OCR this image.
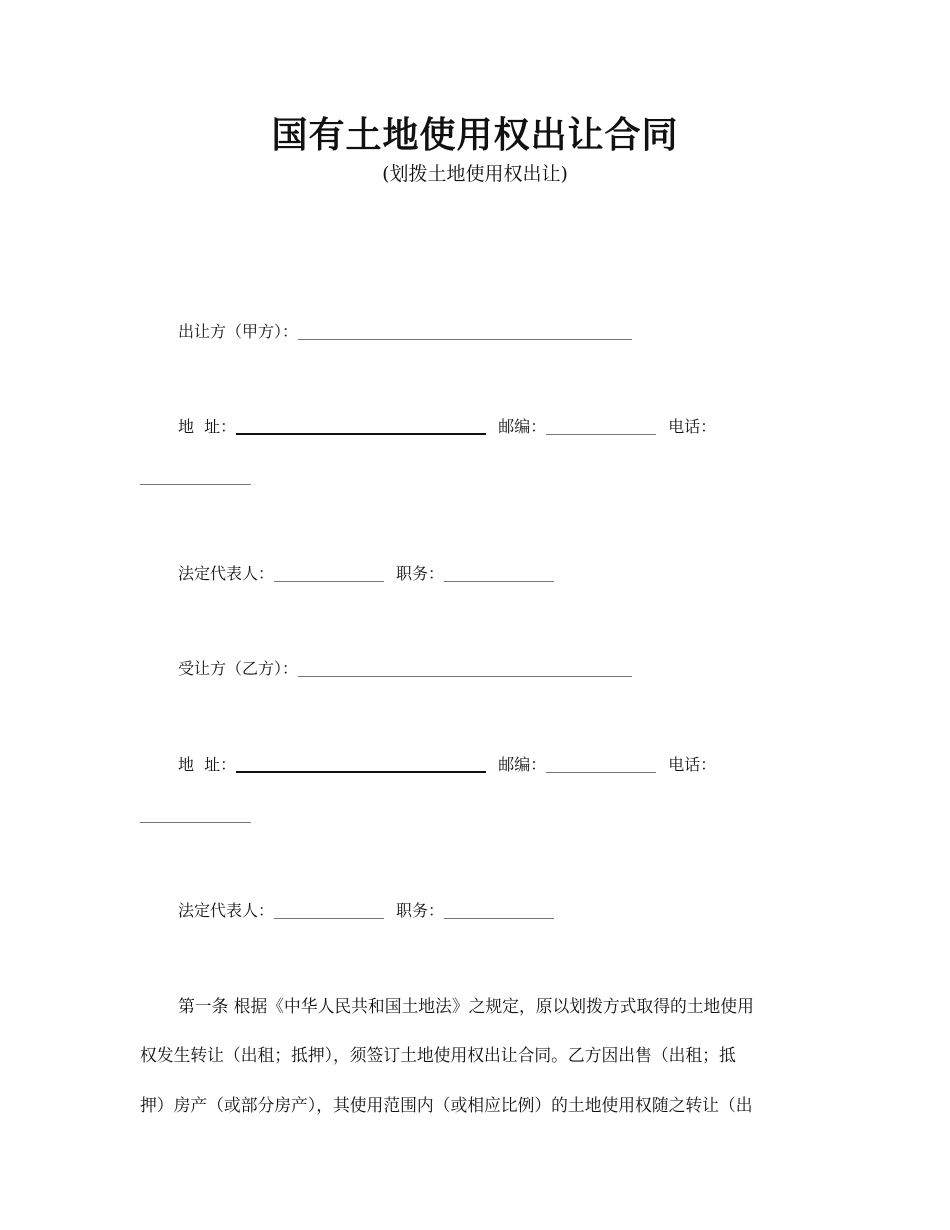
国有土地使用权出让合同
(划拨土地使用权出让)
出让方（甲方）：
地  址：	邮编：	电话：
法定代表人：	职务：
受让方（乙方）：
地  址：	邮编：	电话：
法定代表人：	职务：
第一条 根据《中华人民共和国土地法》之规定，原以划拨方式取得的土地使用
权发生转让（出租；抵押），须签订土地使用权出让合同。乙方因出售（出租；抵
押）房产（或部分房产），其使用范围内（或相应比例）的土地使用权随之转让（出
